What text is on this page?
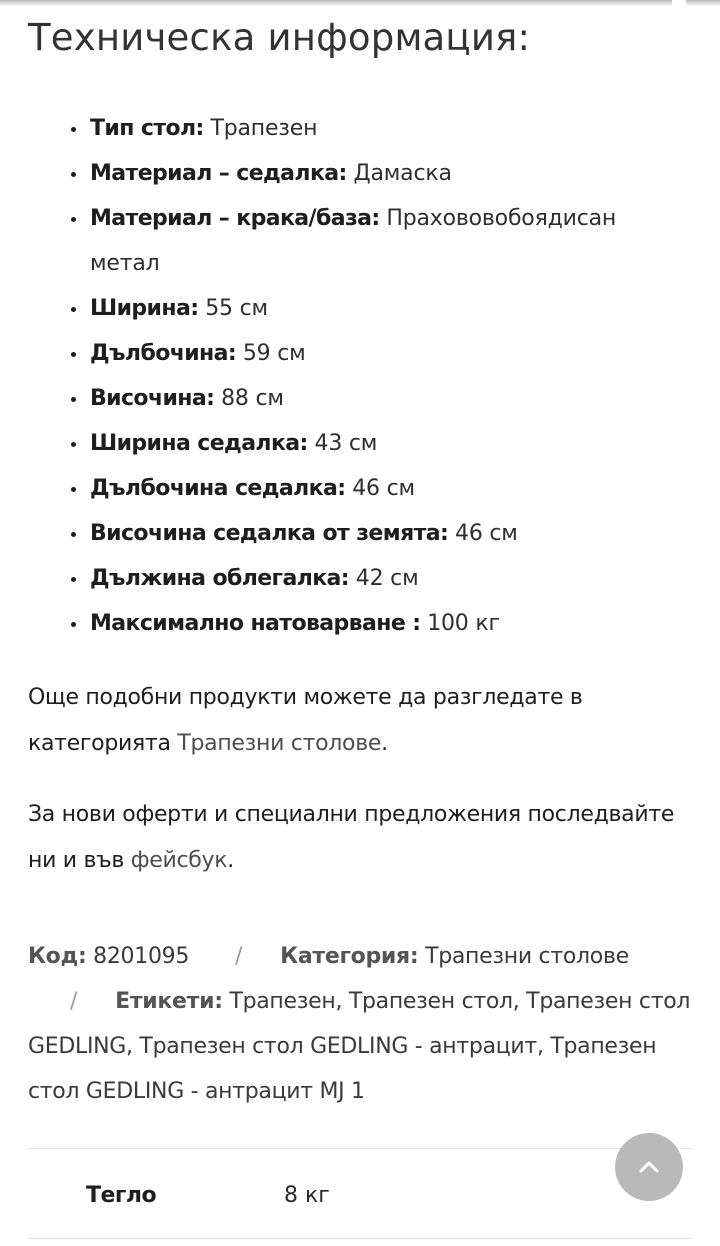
Техническа информация:
• Тип стол: Трапезен
• Материал – седалка: Дамаска
• Материал – крака/база: Прахововобоядисан метал
• Ширина: 55 см
• Дълбочина: 59 см
• Височина: 88 см
• Ширина седалка: 43 см
• Дълбочина седалка: 46 см
• Височина седалка от земята: 46 см
• Дължина облегалка: 42 см
• Максимално натоварване : 100 кг

Още подобни продукти можете да разгледате в категорията Трапезни столове.

За нови оферти и специални предложения последвайте ни и във фейсбук.

Код: 8201095 / Категория: Трапезни столове/ Етикети: Трапезен, Трапезен стол, Трапезен стол GEDLING, Трапезен стол GEDLING - антрацит, Трапезен стол GEDLING - антрацит MJ 1

Тегло	8 кг
